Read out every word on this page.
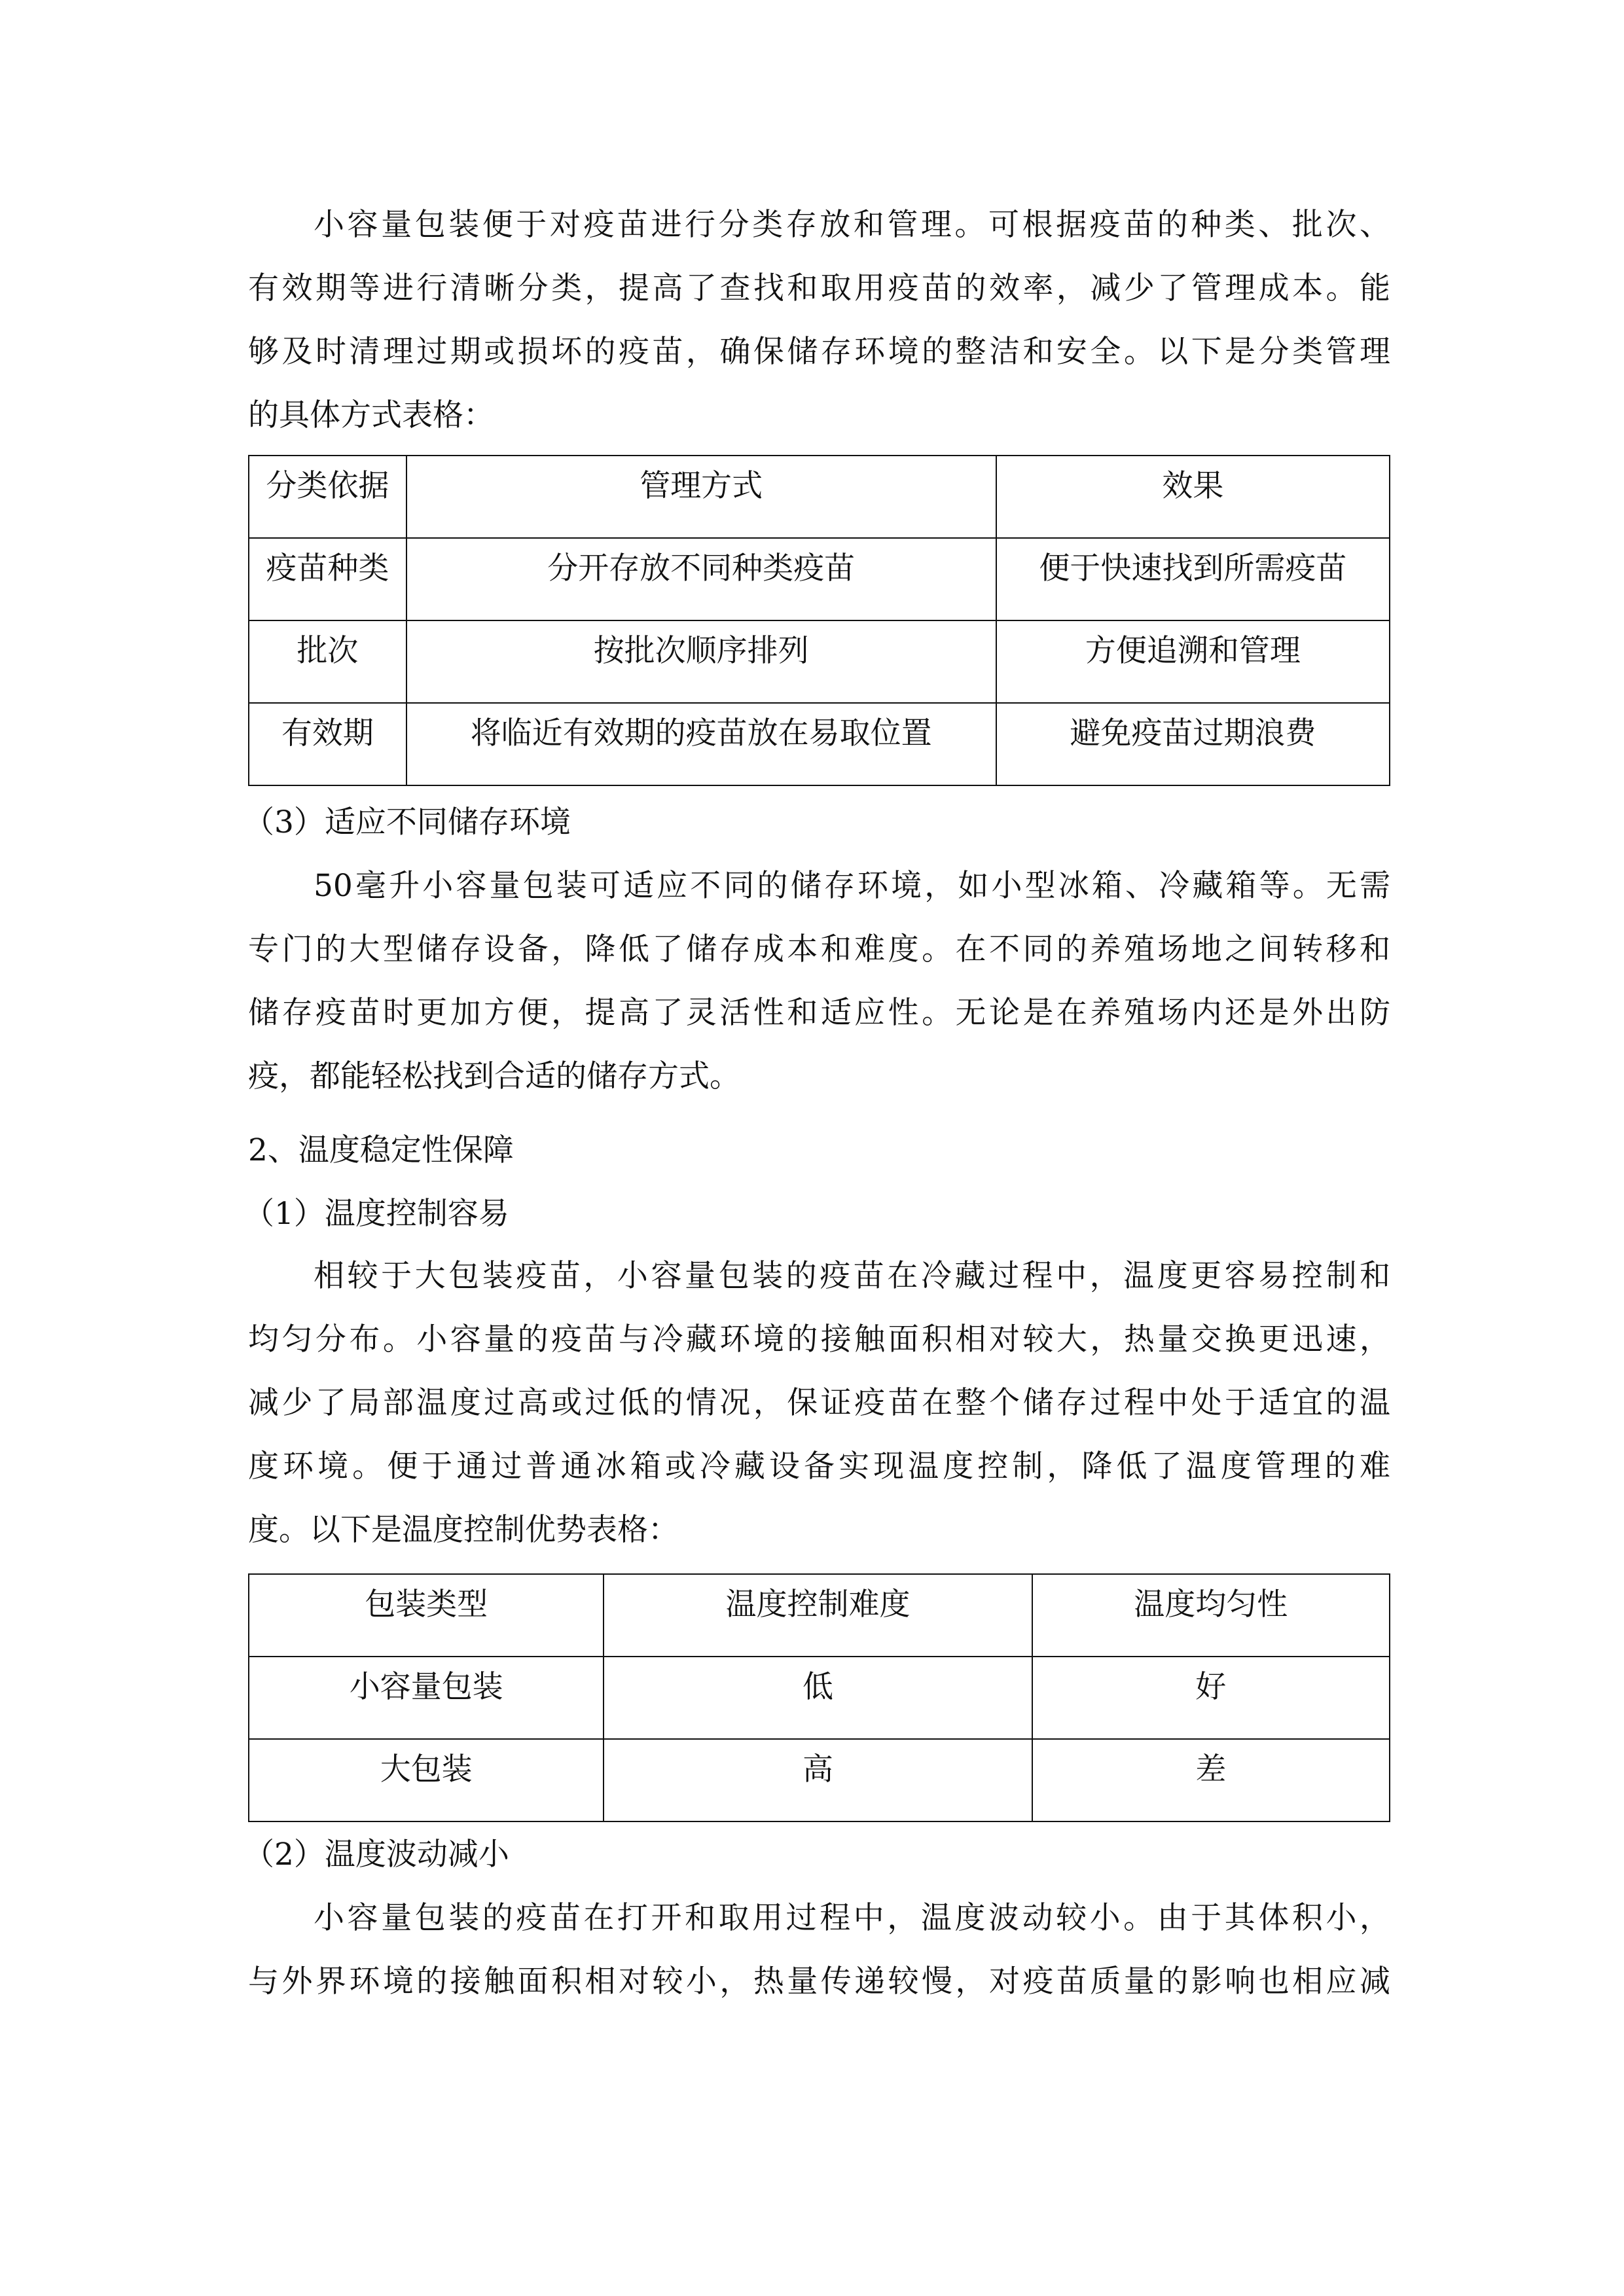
小容量包装便于对疫苗进行分类存放和管理。可根据疫苗的种类、批次、
有效期等进行清晰分类，提高了查找和取用疫苗的效率，减少了管理成本。能
够及时清理过期或损坏的疫苗，确保储存环境的整洁和安全。以下是分类管理
的具体方式表格：
分类依据	管理方式	效果
疫苗种类	分开存放不同种类疫苗	便于快速找到所需疫苗
批次	按批次顺序排列	方便追溯和管理
有效期	将临近有效期的疫苗放在易取位置	避免疫苗过期浪费
（3）适应不同储存环境
50毫升小容量包装可适应不同的储存环境，如小型冰箱、冷藏箱等。无需
专门的大型储存设备，降低了储存成本和难度。在不同的养殖场地之间转移和
储存疫苗时更加方便，提高了灵活性和适应性。无论是在养殖场内还是外出防
疫，都能轻松找到合适的储存方式。
2、温度稳定性保障
（1）温度控制容易
相较于大包装疫苗，小容量包装的疫苗在冷藏过程中，温度更容易控制和
均匀分布。小容量的疫苗与冷藏环境的接触面积相对较大，热量交换更迅速，
减少了局部温度过高或过低的情况，保证疫苗在整个储存过程中处于适宜的温
度环境。便于通过普通冰箱或冷藏设备实现温度控制，降低了温度管理的难
度。以下是温度控制优势表格：
包装类型	温度控制难度	温度均匀性
小容量包装	低	好
大包装	高	差
（2）温度波动减小
小容量包装的疫苗在打开和取用过程中，温度波动较小。由于其体积小，
与外界环境的接触面积相对较小，热量传递较慢，对疫苗质量的影响也相应减
